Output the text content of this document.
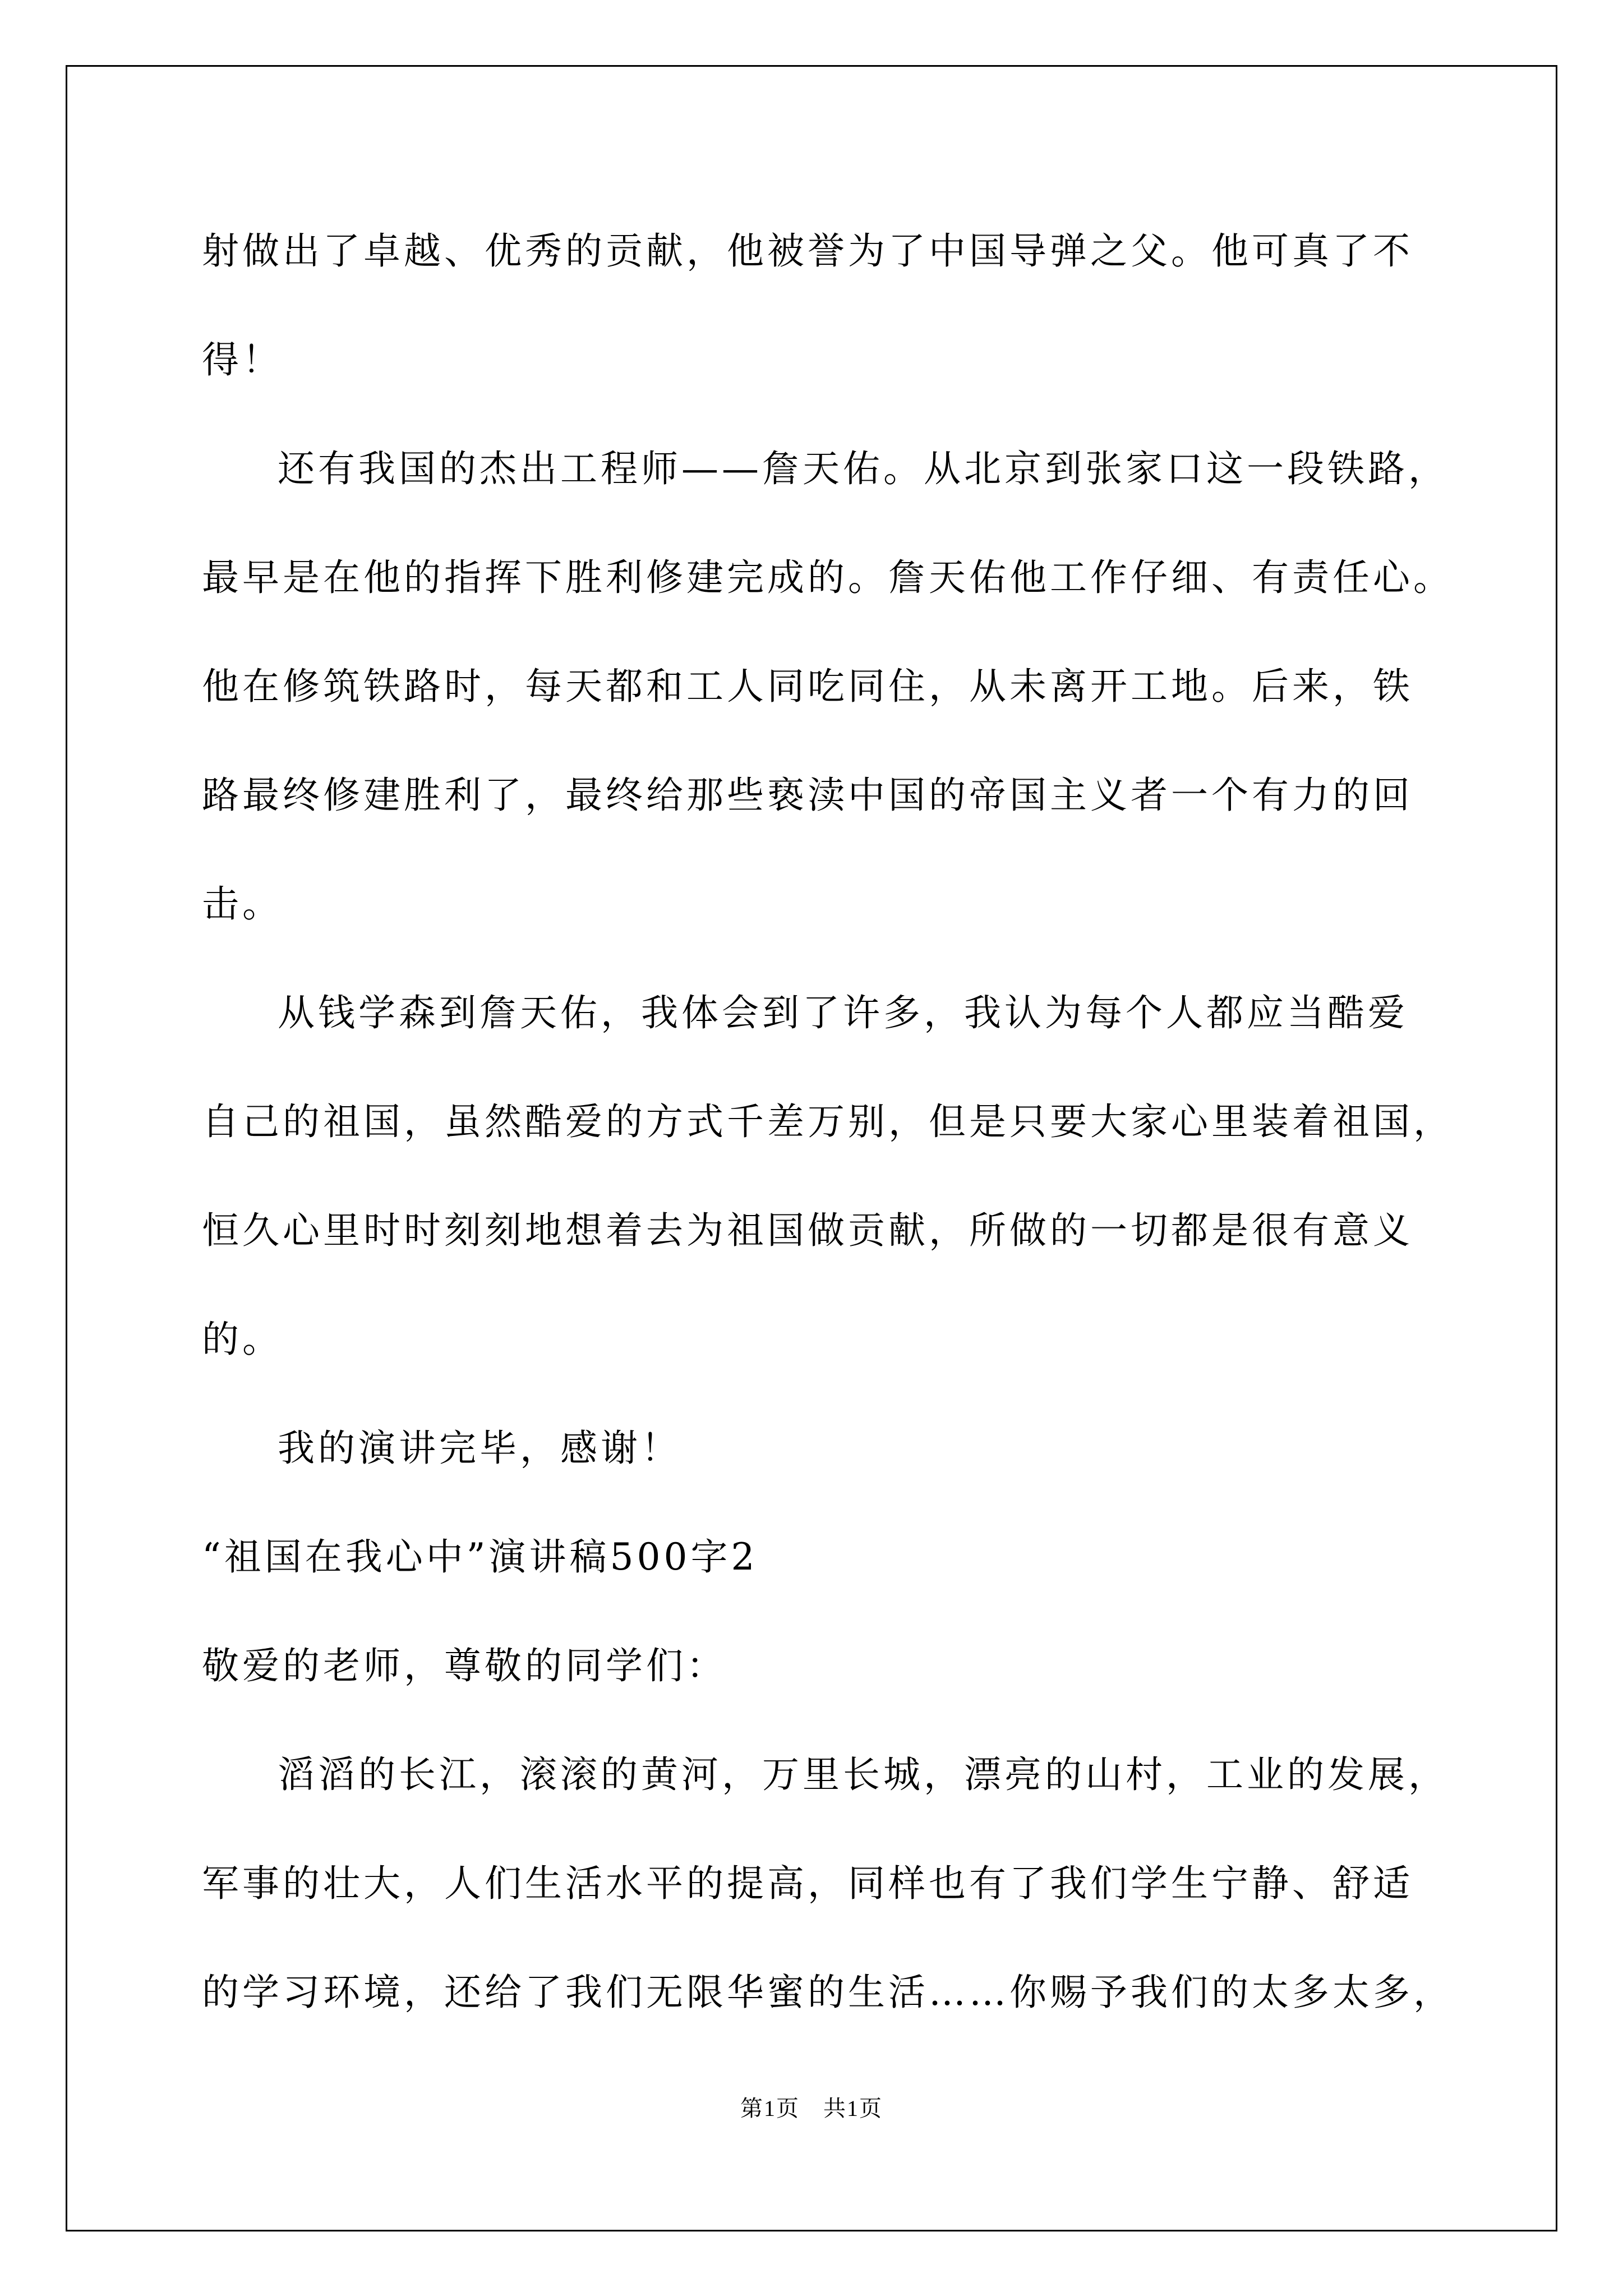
射做出了卓越、优秀的贡献，他被誉为了中国导弹之父。他可真了不
得！
还有我国的杰出工程师——詹天佑。从北京到张家口这一段铁路，
最早是在他的指挥下胜利修建完成的。詹天佑他工作仔细、有责任心。
他在修筑铁路时，每天都和工人同吃同住，从未离开工地。后来，铁
路最终修建胜利了，最终给那些亵渎中国的帝国主义者一个有力的回
击。
从钱学森到詹天佑，我体会到了许多，我认为每个人都应当酷爱
自己的祖国，虽然酷爱的方式千差万别，但是只要大家心里装着祖国，
恒久心里时时刻刻地想着去为祖国做贡献，所做的一切都是很有意义
的。
我的演讲完毕，感谢！
“祖国在我心中”演讲稿500字2
敬爱的老师，尊敬的同学们：
滔滔的长江，滚滚的黄河，万里长城，漂亮的山村，工业的发展，
军事的壮大，人们生活水平的提高，同样也有了我们学生宁静、舒适
的学习环境，还给了我们无限华蜜的生活……你赐予我们的太多太多，
第1页　共1页
